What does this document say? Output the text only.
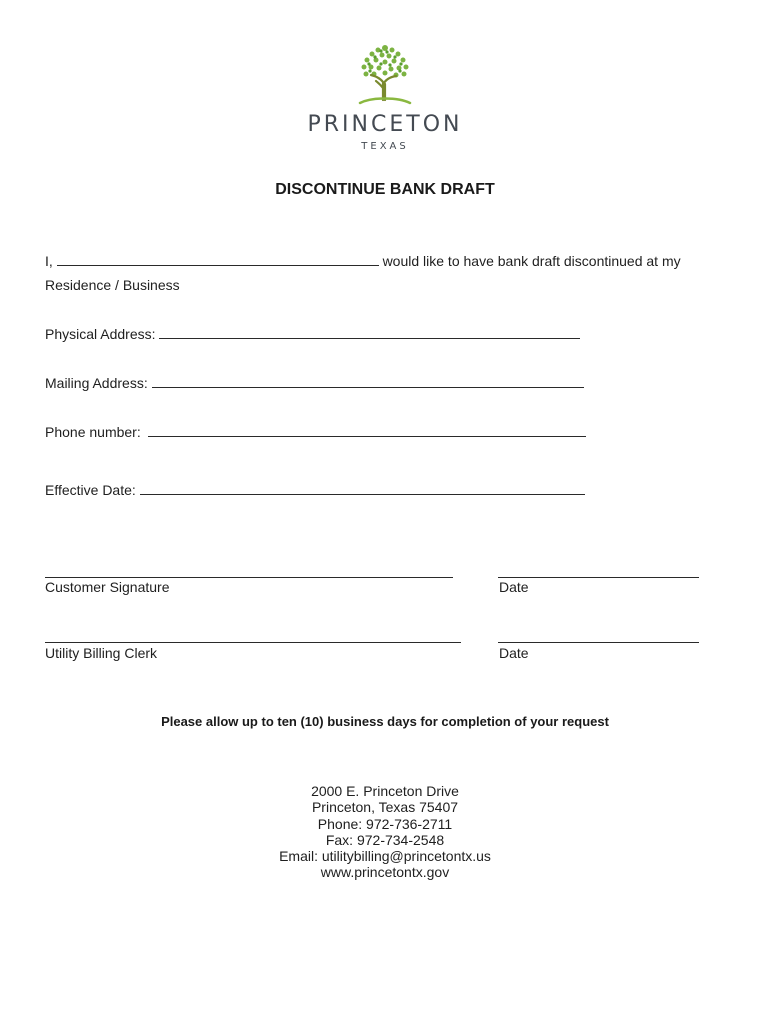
PRINCETON
TEXAS
DISCONTINUE BANK DRAFT
I,	would like to have bank draft discontinued at my
Residence / Business
Physical Address:
Mailing Address:
Phone number:
Effective Date:
Customer Signature	Date
Utility Billing Clerk	Date
Please allow up to ten (10) business days for completion of your request
2000 E. Princeton Drive
Princeton, Texas 75407
Phone: 972-736-2711
Fax: 972-734-2548
Email: utilitybilling@princetontx.us
www.princetontx.gov
